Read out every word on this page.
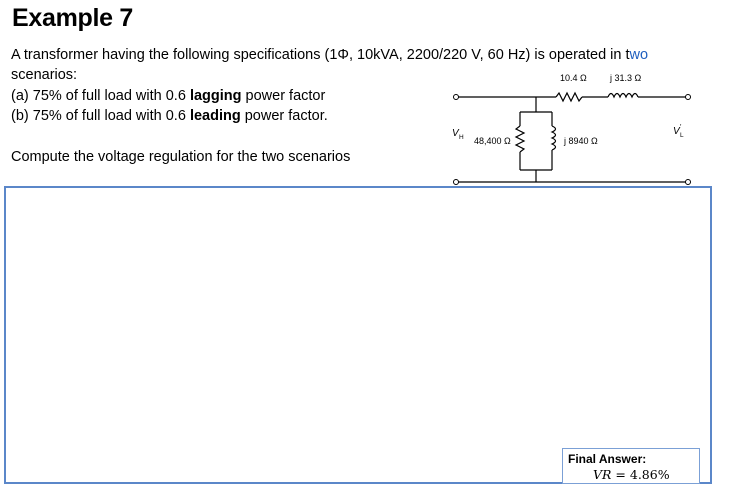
Example 7
A transformer having the following specifications (1Φ, 10kVA, 2200/220 V, 60 Hz) is operated in two
scenarios:
(a) 75% of full load with 0.6 lagging power factor
(b) 75% of full load with 0.6 leading power factor.
Compute the voltage regulation for the two scenarios
10.4 Ω	j 31.3 Ω
48,400 Ω	j 8940 Ω
V H
V ′
L
Final Answer:
VR = 4.86%
